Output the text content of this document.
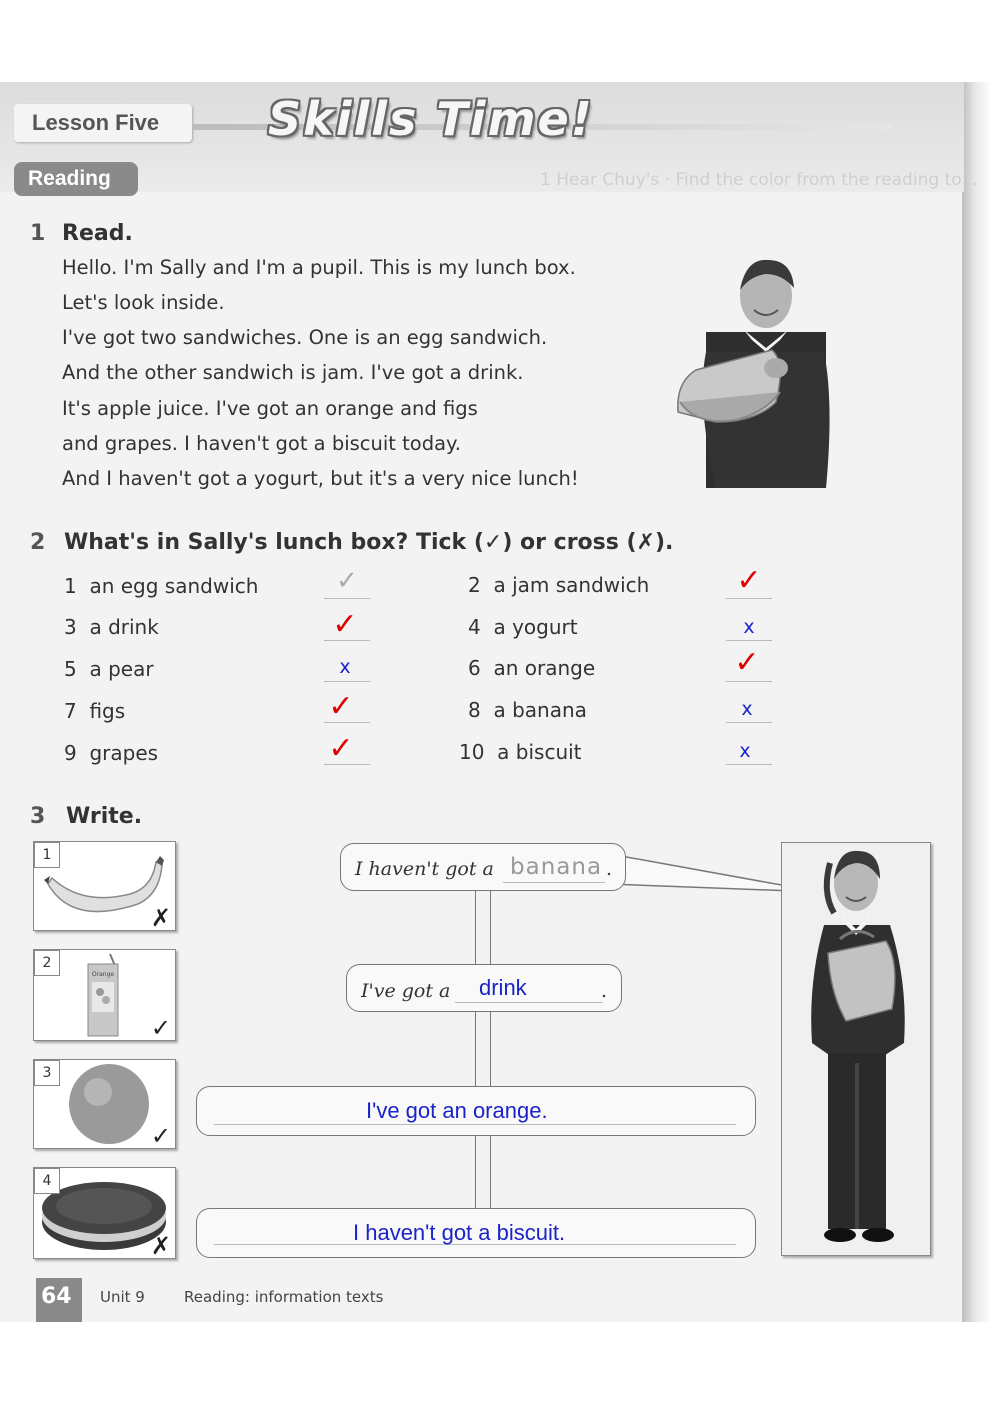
Lesson Five Skills Time!
Reading	1 Hear Chuy's · Find the color from the reading to...
1 Read.
Hello. I'm Sally and I'm a pupil. This is my lunch box.
Let's look inside.
I've got two sandwiches. One is an egg sandwich.
And the other sandwich is jam. I've got a drink.
It's apple juice. I've got an orange and figs
and grapes. I haven't got a biscuit today.
And I haven't got a yogurt, but it's a very nice lunch!
2 What's in Sally's lunch box? Tick (✓) or cross (✗).
1 an egg sandwich	✓	2 a jam sandwich	✓
3 a drink	✓	4 a yogurt	x
5 a pear	x	6 an orange	✓
7 figs	✓	8 a banana	x
9 grapes	✓	10 a biscuit	x
3 Write.
1
✗
Orange
2
✓
3
✓
4
✗
I haven't got a banana .
I've got a drink	.
I've got an orange.
I haven't got a biscuit.
64 Unit 9	Reading: information texts
